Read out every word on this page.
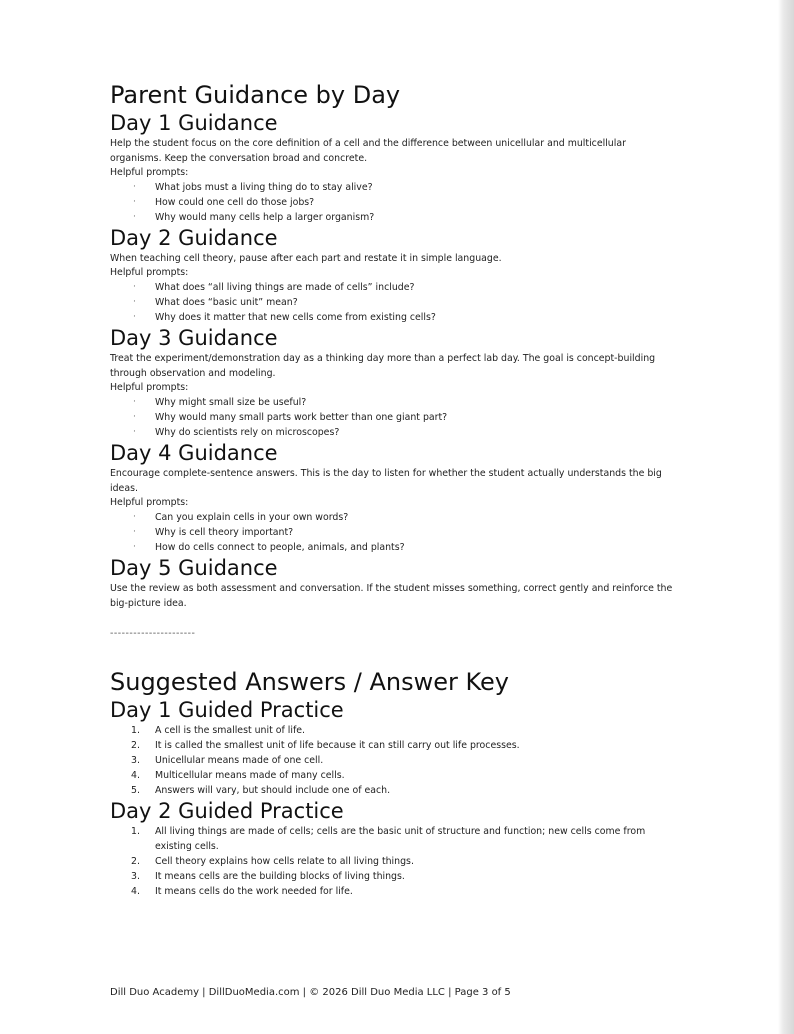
Parent Guidance by Day
Day 1 Guidance

Help the student focus on the core definition of a cell and the difference between unicellular and multicellular organisms. Keep the conversation broad and concrete.

Helpful prompts:

· What jobs must a living thing do to stay alive?
· How could one cell do those jobs?
· Why would many cells help a larger organism?
Day 2 Guidance

When teaching cell theory, pause after each part and restate it in simple language.

Helpful prompts:

· What does “all living things are made of cells” include?
· What does “basic unit” mean?
· Why does it matter that new cells come from existing cells?
Day 3 Guidance

Treat the experiment/demonstration day as a thinking day more than a perfect lab day. The goal is concept-building through observation and modeling.

Helpful prompts:

· Why might small size be useful?
· Why would many small parts work better than one giant part?
· Why do scientists rely on microscopes?
Day 4 Guidance

Encourage complete-sentence answers. This is the day to listen for whether the student actually understands the big ideas.

Helpful prompts:

· Can you explain cells in your own words?
· Why is cell theory important?
· How do cells connect to people, animals, and plants?
Day 5 Guidance

Use the review as both assessment and conversation. If the student misses something, correct gently and reinforce the big-picture idea.

----------------------

Suggested Answers / Answer Key
Day 1 Guided Practice
1. A cell is the smallest unit of life.
2. It is called the smallest unit of life because it can still carry out life processes.
3. Unicellular means made of one cell.
4. Multicellular means made of many cells.
5. Answers will vary, but should include one of each.
Day 2 Guided Practice
1. All living things are made of cells; cells are the basic unit of structure and function; new cells come from existing cells.
2. Cell theory explains how cells relate to all living things.
3. It means cells are the building blocks of living things.
4. It means cells do the work needed for life.
Dill Duo Academy | DillDuoMedia.com | © 2026 Dill Duo Media LLC | Page 3 of 5
